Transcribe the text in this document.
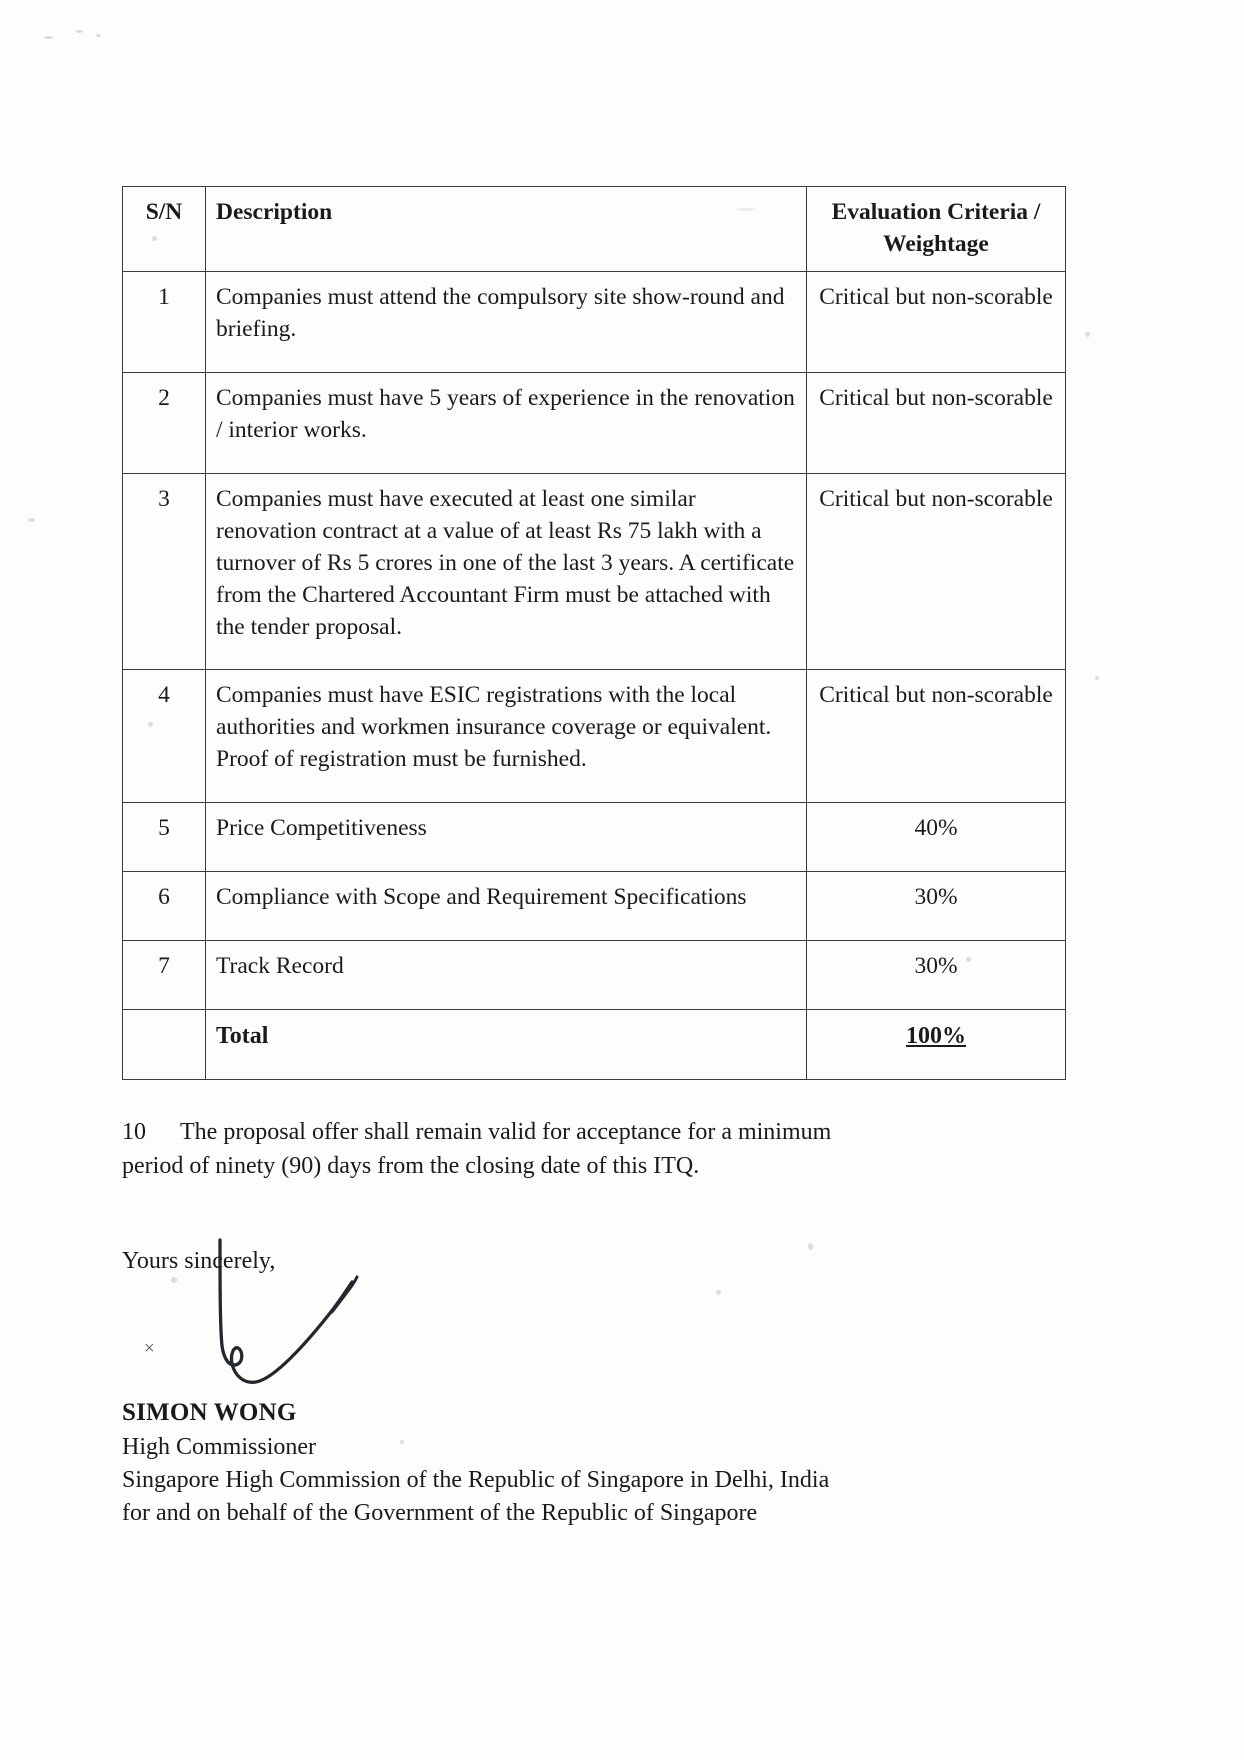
S/N	Description	Evaluation Criteria / Weightage
1	Companies must attend the compulsory site show-round and briefing.	Critical but non-scorable
2	Companies must have 5 years of experience in the renovation / interior works.	Critical but non-scorable
3	Companies must have executed at least one similar renovation contract at a value of at least Rs 75 lakh with a turnover of Rs 5 crores in one of the last 3 years. A certificate from the Chartered Accountant Firm must be attached with the tender proposal.	Critical but non-scorable
4	Companies must have ESIC registrations with the local authorities and workmen insurance coverage or equivalent. Proof of registration must be furnished.	Critical but non-scorable
5	Price Competitiveness	40%
6	Compliance with Scope and Requirement Specifications	30%
7	Track Record	30%
	Total	100%
10 The proposal offer shall remain valid for acceptance for a minimum
period of ninety (90) days from the closing date of this ITQ.
Yours sincerely,
×
SIMON WONG
High Commissioner
Singapore High Commission of the Republic of Singapore in Delhi, India
for and on behalf of the Government of the Republic of Singapore
